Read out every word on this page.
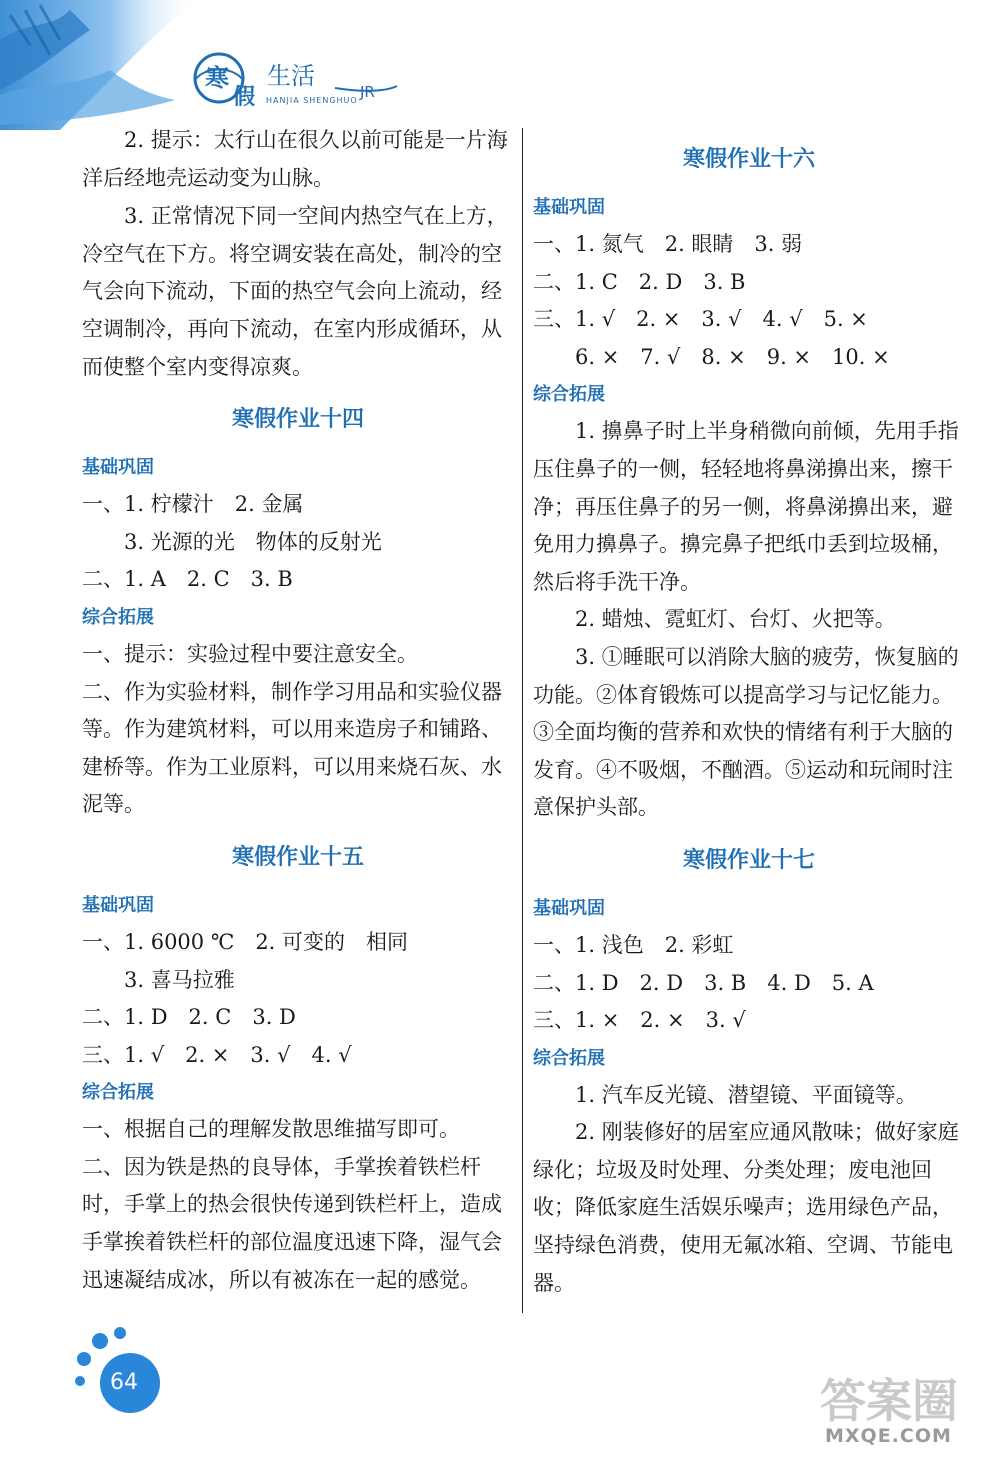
寒
假
生活
HANJIA SHENGHUO JR

2. 提示：太行山在很久以前可能是一片海洋后经地壳运动变为山脉。

3. 正常情况下同一空间内热空气在上方，冷空气在下方。将空调安装在高处，制冷的空气会向下流动，下面的热空气会向上流动，经空调制冷，再向下流动，在室内形成循环，从而使整个室内变得凉爽。

寒假作业十四
基础巩固

一、1. 柠檬汁　2. 金属

3. 光源的光　物体的反射光

二、1. A　2. C　3. B

综合拓展

一、提示：实验过程中要注意安全。

二、作为实验材料，制作学习用品和实验仪器等。作为建筑材料，可以用来造房子和铺路、建桥等。作为工业原料，可以用来烧石灰、水泥等。

寒假作业十五
基础巩固

一、1. 6000 ℃　2. 可变的　相同

3. 喜马拉雅

二、1. D　2. C　3. D

三、1. √　2. ×　3. √　4. √

综合拓展

一、根据自己的理解发散思维描写即可。

二、因为铁是热的良导体，手掌挨着铁栏杆时，手掌上的热会很快传递到铁栏杆上，造成手掌挨着铁栏杆的部位温度迅速下降，湿气会迅速凝结成冰，所以有被冻在一起的感觉。

寒假作业十六
基础巩固

一、1. 氮气　2. 眼睛　3. 弱

二、1. C　2. D　3. B

三、1. √　2. ×　3. √　4. √　5. ×

6. ×　7. √　8. ×　9. ×　10. ×

综合拓展

1. 擤鼻子时上半身稍微向前倾，先用手指压住鼻子的一侧，轻轻地将鼻涕擤出来，擦干净；再压住鼻子的另一侧，将鼻涕擤出来，避免用力擤鼻子。擤完鼻子把纸巾丢到垃圾桶，然后将手洗干净。

2. 蜡烛、霓虹灯、台灯、火把等。

3. ①睡眠可以消除大脑的疲劳，恢复脑的功能。②体育锻炼可以提高学习与记忆能力。③全面均衡的营养和欢快的情绪有利于大脑的发育。④不吸烟，不酗酒。⑤运动和玩闹时注意保护头部。

寒假作业十七
基础巩固

一、1. 浅色　2. 彩虹

二、1. D　2. D　3. B　4. D　5. A

三、1. ×　2. ×　3. √

综合拓展

1. 汽车反光镜、潜望镜、平面镜等。

2. 刚装修好的居室应通风散味；做好家庭绿化；垃圾及时处理、分类处理；废电池回收；降低家庭生活娱乐噪声；选用绿色产品，坚持绿色消费，使用无氟冰箱、空调、节能电器。

64	答案圈
MXQE.COM
